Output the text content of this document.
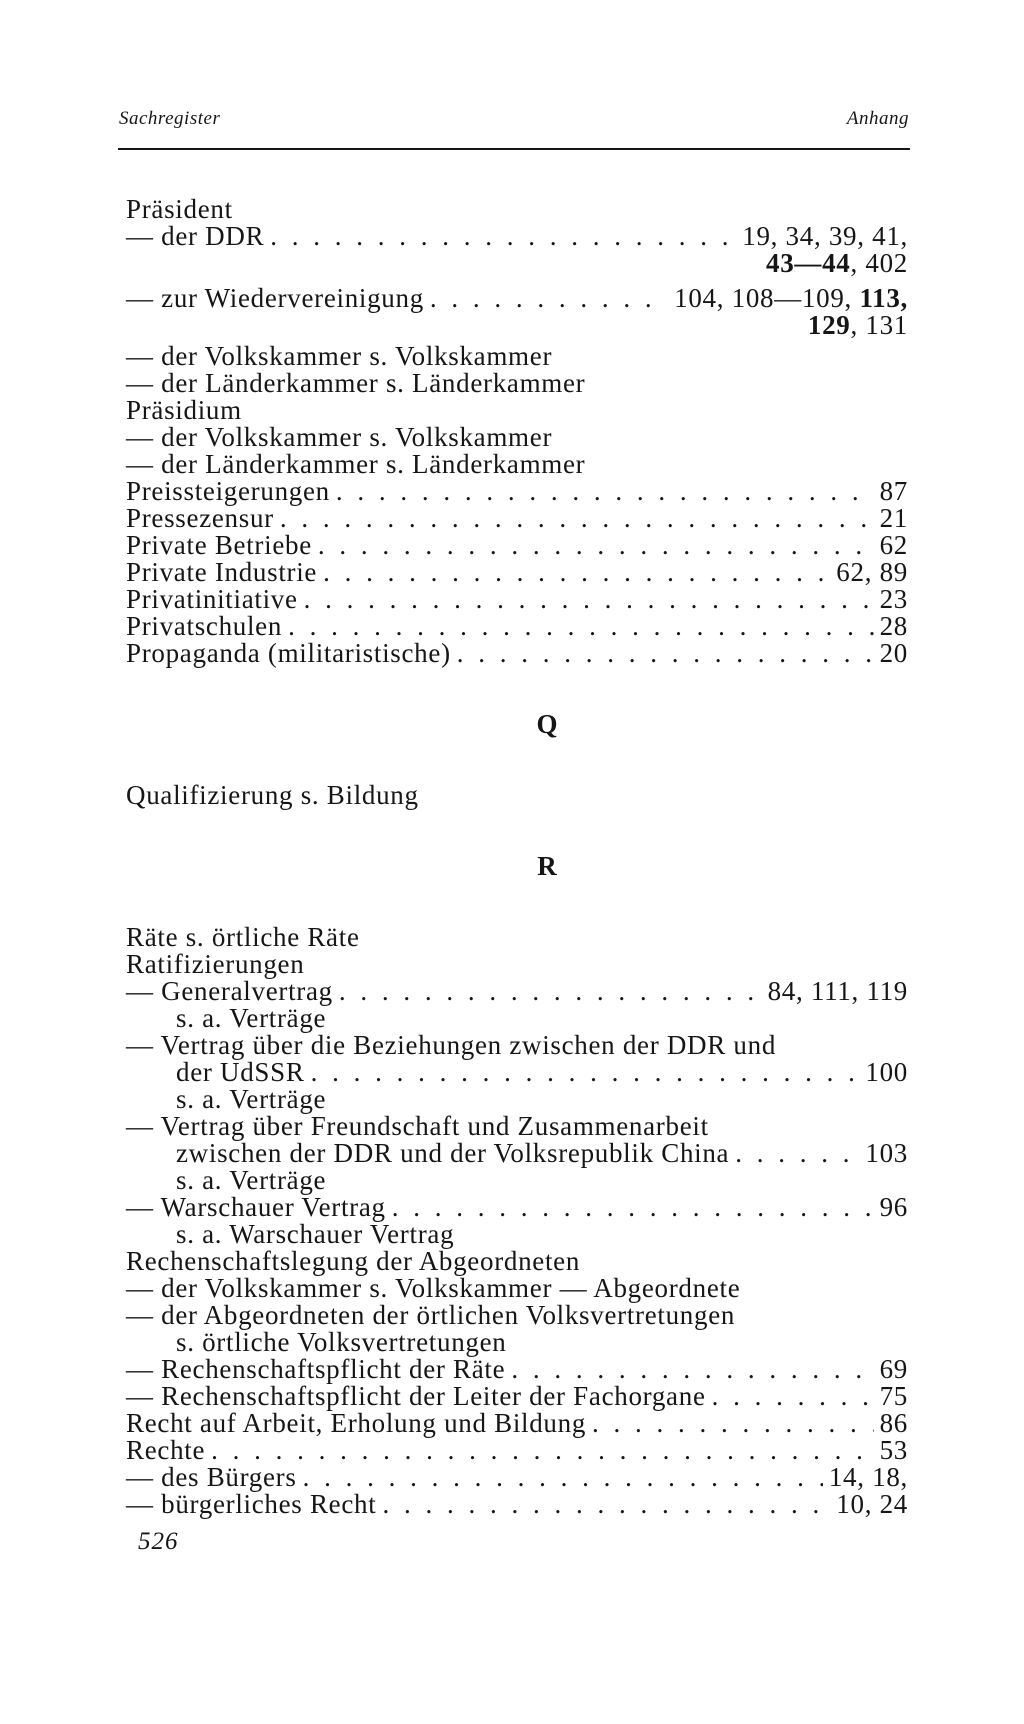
Sachregister	Anhang
Präsident
— der DDR . . .	19, 34, 39, 41,
43—44, 402
— zur Wiedervereinigung . . .	104, 108—109, 113,
129, 131
— der Volkskammer s. Volkskammer
— der Länderkammer s. Länderkammer
Präsidium
— der Volkskammer s. Volkskammer
— der Länderkammer s. Länderkammer
Preissteigerungen . . .	87
Pressezensur . . .	21
Private Betriebe . . .	62
Private Industrie . . .	62, 89
Privatinitiative . . .	23
Privatschulen . . .	28
Propaganda (militaristische) . . .	20
Q
Qualifizierung s. Bildung
R
Räte s. örtliche Räte
Ratifizierungen
— Generalvertrag . . .	84, 111, 119
s. a. Verträge
— Vertrag über die Beziehungen zwischen der DDR und
der UdSSR . . .	100
s. a. Verträge
— Vertrag über Freundschaft und Zusammenarbeit
zwischen der DDR und der Volksrepublik China . . .	103
s. a. Verträge
— Warschauer Vertrag . . .	96
s. a. Warschauer Vertrag
Rechenschaftslegung der Abgeordneten
— der Volkskammer s. Volkskammer — Abgeordnete
— der Abgeordneten der örtlichen Volksvertretungen
s. örtliche Volksvertretungen
— Rechenschaftspflicht der Räte . . .	69
— Rechenschaftspflicht der Leiter der Fachorgane . . .	75
Recht auf Arbeit, Erholung und Bildung . . .	86
Rechte . . .	53
— des Bürgers . . .	14, 18,
— bürgerliches Recht . . .	10, 24
526
